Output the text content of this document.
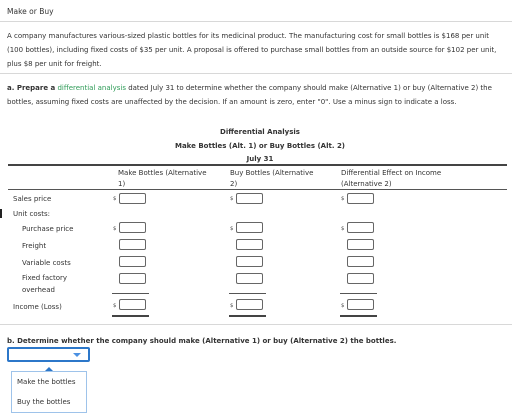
Make or Buy
A company manufactures various-sized plastic bottles for its medicinal product. The manufacturing cost for small bottles is $168 per unit (100 bottles), including fixed costs of $35 per unit. A proposal is offered to purchase small bottles from an outside source for $102 per unit, plus $8 per unit for freight.
a. Prepare a differential analysis dated July 31 to determine whether the company should make (Alternative 1) or buy (Alternative 2) the bottles, assuming fixed costs are unaffected by the decision. If an amount is zero, enter "0". Use a minus sign to indicate a loss.
Differential Analysis
Make Bottles (Alt. 1) or Buy Bottles (Alt. 2)
July 31
Make Bottles (Alternative
1)
Buy Bottles (Alternative
2)
Differential Effect on Income
(Alternative 2)
Sales price
Unit costs:
Purchase price
Freight
Variable costs
Fixed factory
overhead
Income (Loss)
$
$
$
$
$
$
$
$
$
b. Determine whether the company should make (Alternative 1) or buy (Alternative 2) the bottles.
Make the bottles
Buy the bottles
